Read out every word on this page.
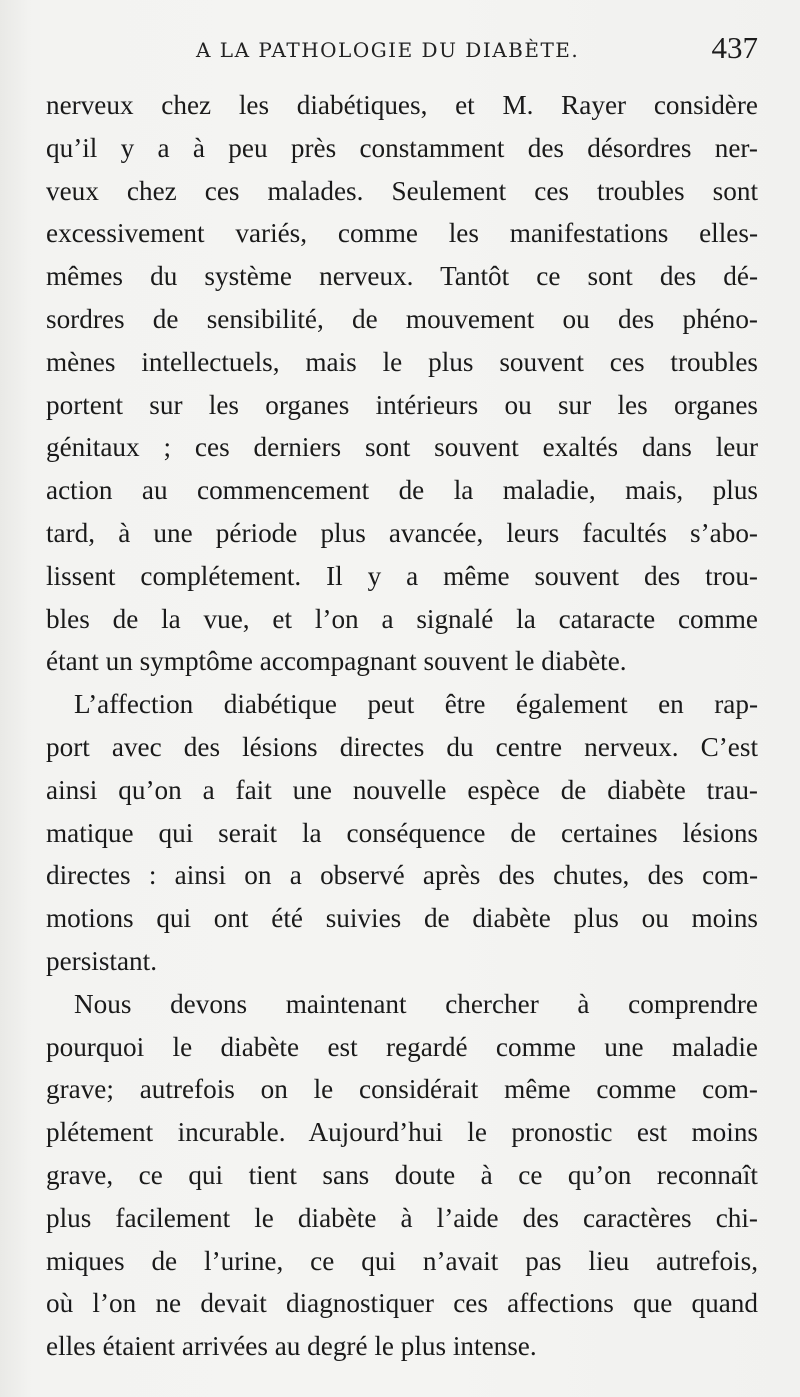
A LA PATHOLOGIE DU DIABÈTE.	437
nerveux chez les diabétiques, et M. Rayer considère
qu’il y a à peu près constamment des désordres ner-
veux chez ces malades. Seulement ces troubles sont
excessivement variés, comme les manifestations elles-
mêmes du système nerveux. Tantôt ce sont des dé-
sordres de sensibilité, de mouvement ou des phéno-
mènes intellectuels, mais le plus souvent ces troubles
portent sur les organes intérieurs ou sur les organes
génitaux ; ces derniers sont souvent exaltés dans leur
action au commencement de la maladie, mais, plus
tard, à une période plus avancée, leurs facultés s’abo-
lissent complétement. Il y a même souvent des trou-
bles de la vue, et l’on a signalé la cataracte comme
étant un symptôme accompagnant souvent le diabète.
L’affection diabétique peut être également en rap-
port avec des lésions directes du centre nerveux. C’est
ainsi qu’on a fait une nouvelle espèce de diabète trau-
matique qui serait la conséquence de certaines lésions
directes : ainsi on a observé après des chutes, des com-
motions qui ont été suivies de diabète plus ou moins
persistant.
Nous devons maintenant chercher à comprendre
pourquoi le diabète est regardé comme une maladie
grave; autrefois on le considérait même comme com-
plétement incurable. Aujourd’hui le pronostic est moins
grave, ce qui tient sans doute à ce qu’on reconnaît
plus facilement le diabète à l’aide des caractères chi-
miques de l’urine, ce qui n’avait pas lieu autrefois,
où l’on ne devait diagnostiquer ces affections que quand
elles étaient arrivées au degré le plus intense.
